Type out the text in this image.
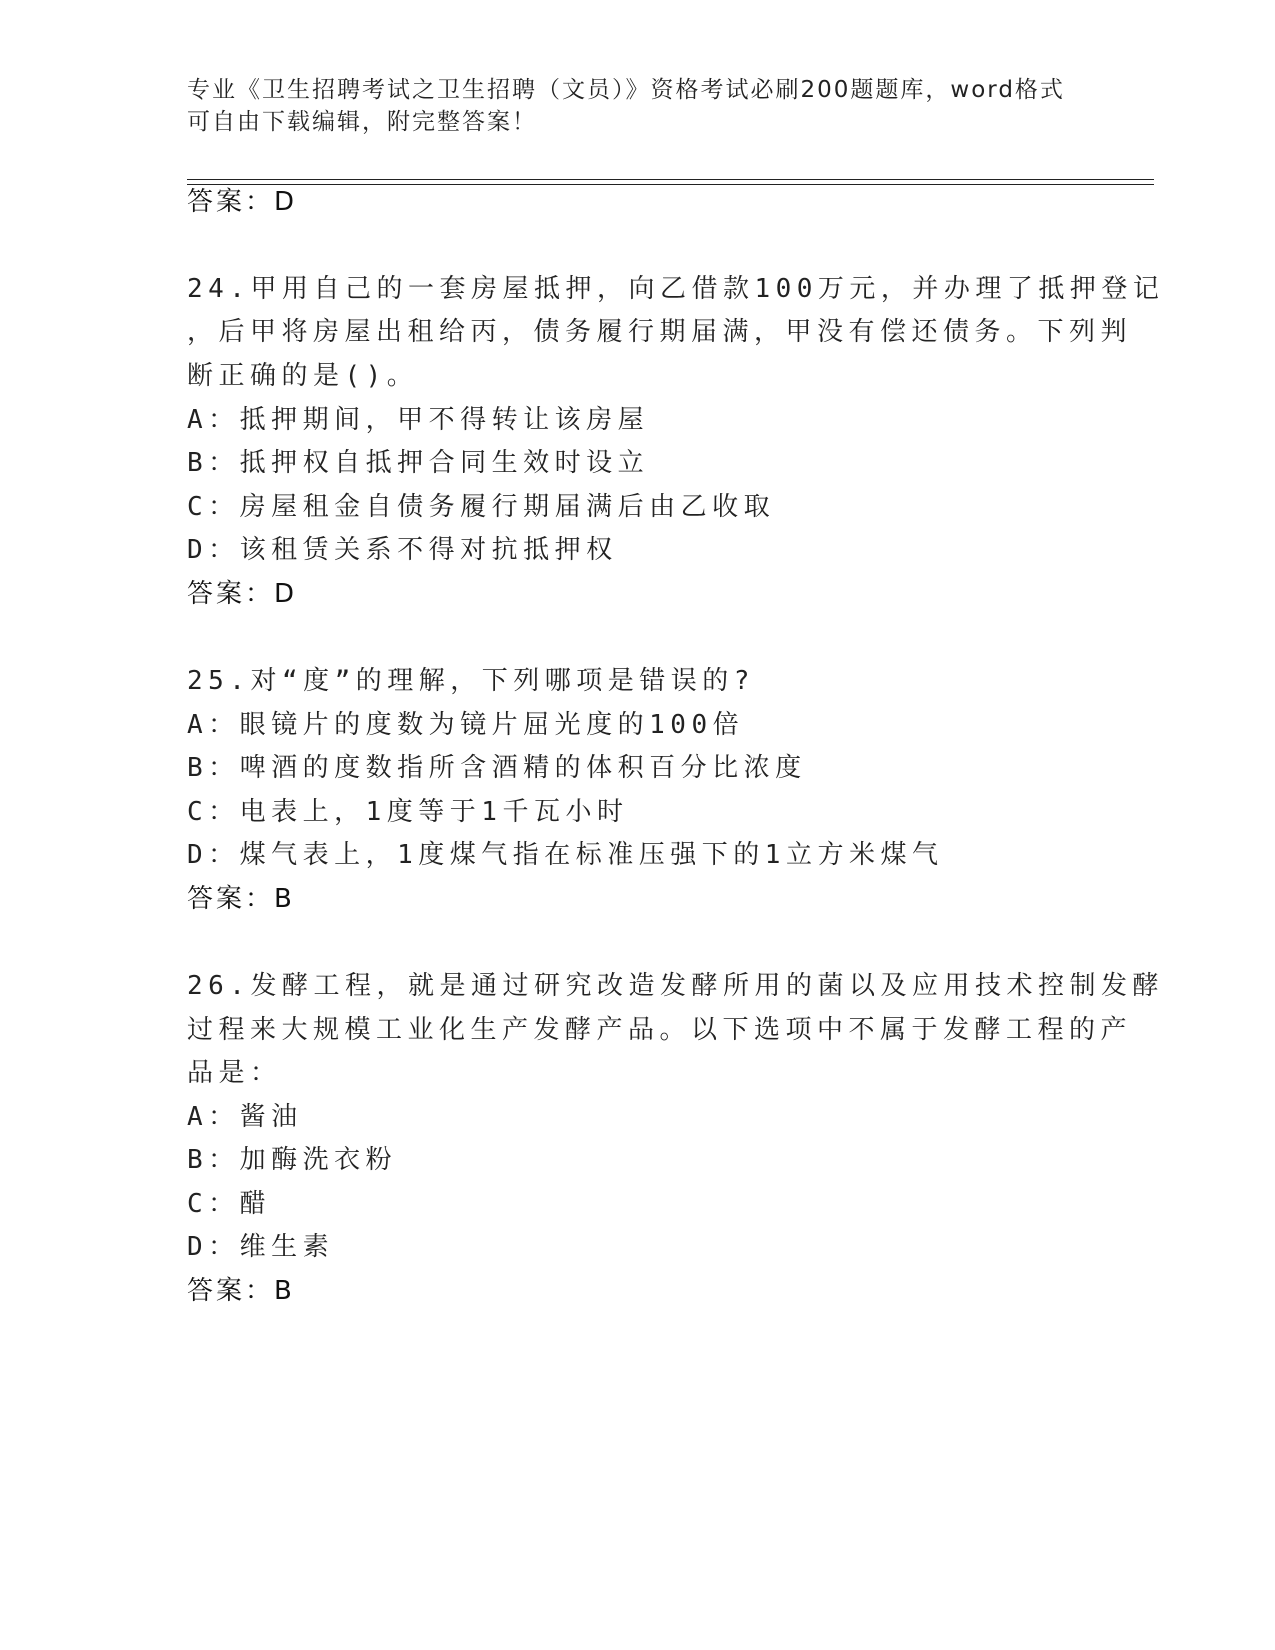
专业《卫生招聘考试之卫生招聘（文员）》资格考试必刷200题题库，word格式
可自由下载编辑，附完整答案！
答案：D
24.甲用自己的一套房屋抵押，向乙借款100万元，并办理了抵押登记
，后甲将房屋出租给丙，债务履行期届满，甲没有偿还债务。下列判
断正确的是()。
A：抵押期间，甲不得转让该房屋
B：抵押权自抵押合同生效时设立
C：房屋租金自债务履行期届满后由乙收取
D：该租赁关系不得对抗抵押权
答案：D
25.对“度”的理解，下列哪项是错误的?
A：眼镜片的度数为镜片屈光度的100倍
B：啤酒的度数指所含酒精的体积百分比浓度
C：电表上，1度等于1千瓦小时
D：煤气表上，1度煤气指在标准压强下的1立方米煤气
答案：B
26.发酵工程，就是通过研究改造发酵所用的菌以及应用技术控制发酵
过程来大规模工业化生产发酵产品。以下选项中不属于发酵工程的产
品是：
A：酱油
B：加酶洗衣粉
C：醋
D：维生素
答案：B
